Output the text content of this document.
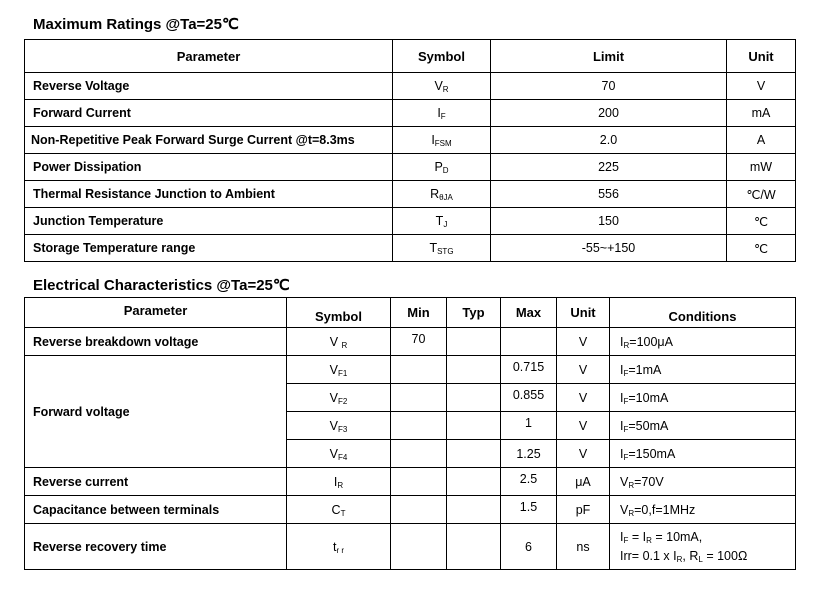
Maximum Ratings @Ta=25℃
Parameter	Symbol	Limit	Unit
Reverse Voltage	$V_R$	70	V
Forward Current	$I_F$	200	mA
Non-Repetitive Peak Forward Surge Current @t=8.3ms	$I_{FSM}$	2.0	A
Power Dissipation	$P_D$	225	mW
Thermal Resistance Junction to Ambient	$R_{\theta JA}$	556	℃/W
Junction Temperature	$T_J$	150	℃
Storage Temperature range	$T_{STG}$	-55~+150	℃
Electrical Characteristics @Ta=25℃
Parameter	Symbol	Min	Typ	Max	Unit	Conditions
Reverse breakdown voltage	V $_R$	70			V	$I_R=100\mu A$
Forward voltage	$V_{F1}$			0.715	V	$I_F=1mA$
	$V_{F2}$			0.855	V	$I_F=10mA$
	$V_{F3}$			1	V	$I_F=50mA$
	$V_{F4}$			1.25	V	$I_F=150mA$
Reverse current	$I_R$			2.5	μA	$V_R=70V$
Capacitance between terminals	$C_T$			1.5	pF	$V_R=0,f=1MHz$
Reverse recovery time	$t_{r r}$			6	ns	$I_F = I_R = 10mA$,
Irr= 0.1 x $I_R$, $R_L = 100\Omega$
